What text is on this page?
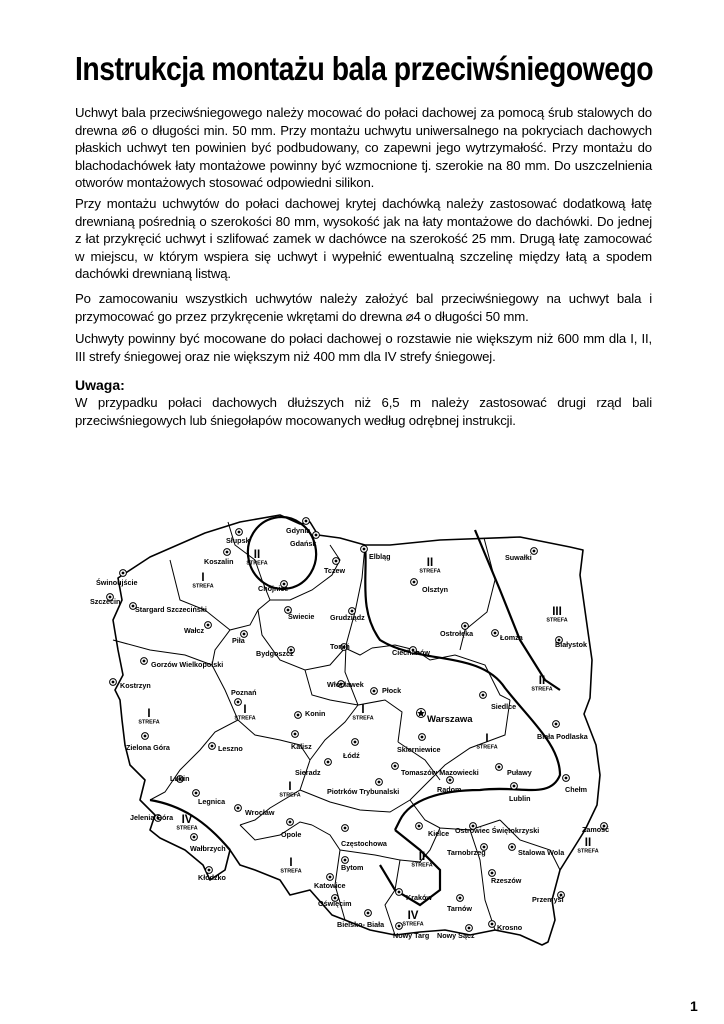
Instrukcja montażu bala przeciwśniegowego

Uchwyt bala przeciwśniegowego należy mocować do połaci dachowej za pomocą śrub stalowych do drewna ⌀6 o długości min. 50 mm. Przy montażu uchwytu uniwersalnego na pokryciach dachowych płaskich uchwyt ten powinien być podbudowany, co zapewni jego wytrzymałość. Przy montażu do blachodachówek łaty montażowe powinny być wzmocnione tj. szerokie na 80 mm. Do uszczelnienia otworów montażowych stosować odpowiedni silikon.

Przy montażu uchwytów do połaci dachowej krytej dachówką należy zastosować dodatkową łatę drewnianą pośrednią o szerokości 80 mm, wysokość jak na łaty montażowe do dachówki. Do jednej z łat przykręcić uchwyt i szlifować zamek w dachówce na szerokość 25 mm. Drugą łatę zamocować w miejscu, w którym wspiera się uchwyt i wypełnić ewentualną szczelinę między łatą a spodem dachówki drewnianą listwą.

Po zamocowaniu wszystkich uchwytów należy założyć bal przeciwśniegowy na uchwyt bala i przymocować go przez przykręcenie wkrętami do drewna ⌀4 o długości 50 mm.

Uchwyty powinny być mocowane do połaci dachowej o rozstawie nie większym niż 600 mm dla I, II, III strefy śniegowej oraz nie większym niż 400 mm dla IV strefy śniegowej.

Uwaga:

W przypadku połaci dachowych dłuższych niż 6,5 m należy zastosować drugi rząd bali przeciwśniegowych lub śniegołapów mocowanych według odrębnej instrukcji.

Słupsk
Gdynia
Gdańsk
Koszalin
Elbląg
Tczew
Suwałki
Świnoujście
Chojnice	Olsztyn
Szczecin
Stargard Szczeciński
Świecie Grudziądz
Wałcz
Piła
Ostrołęka	Łomża
Toruń
Bydgoszcz
Białystok
Gorzów Wielkopolski
Ciechanów
Kostrzyn	Włocławek
Poznań	Płock
Siedlce
Konin
Warszawa
Biała Podlaska
Zielona Góra	Leszno	Kalisz
Łódź
Skierniewice
Sieradz	Tomaszów Mazowiecki	Puławy
Lubin
Radom
Piotrków Trybunalski
Legnica	Lublin
Chełm
Wrocław
Jelenia Góra
Opole
Częstochowa
Kielce Ostrowiec Świętokrzyski	Zamość
Wałbrzych	Tarnobrzeg	Stalowa Wola
Kłodzko
Bytom
Katowice
Rzeszów
Oświęcim
Kraków	Przemyśl
Tarnów
Bielsko- Biała	Krosno
Nowy Targ Nowy Sącz
II
STREFA	II
STREFA
III
STREFA
I
STREFA
II
STREFA
I
STREFA
I
STREFA
I
STREFA
I
STREFA
I
STREFA
IV
STREFA
II
STREFA
II
STREFA
I
STREFA
IV
STREFA
1
